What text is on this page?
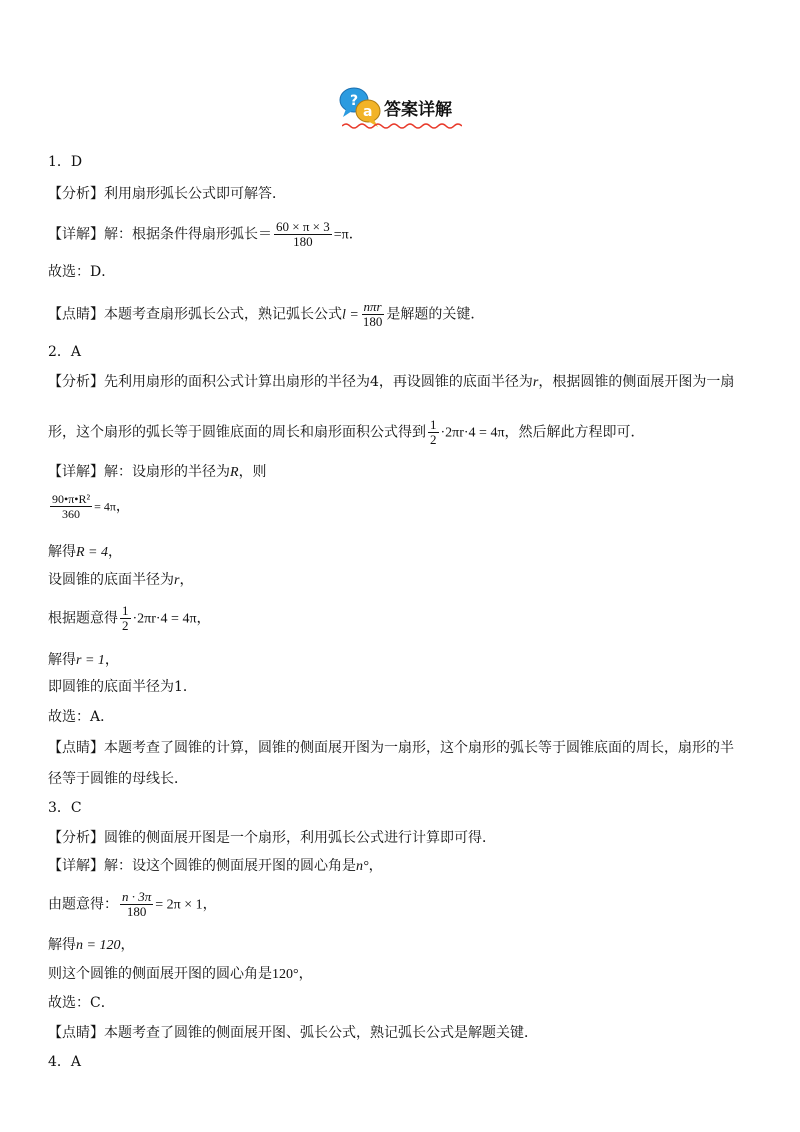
?
a 答案详解
1．D
【分析】利用扇形弧长公式即可解答．
【详解】解：根据条件得扇形弧长＝ $\frac{60 \times \pi \times 3}{180} =\pi$．
故选：D．
【点睛】本题考查扇形弧长公式，熟记弧长公式$l = \frac{\text{nπr}}{180}$ 是解题的关键．
2．A
【分析】先利用扇形的面积公式计算出扇形的半径为4，再设圆锥的底面半径为r，根据圆锥的侧面展开图为一扇
形，这个扇形的弧长等于圆锥底面的周长和扇形面积公式得到 $\frac{1}{2} \cdot 2\pi r\cdot 4 = 4\pi$，然后解此方程即可．
【详解】解：设扇形的半径为R，则
$\frac{\text{90•π•R²}}{360} = 4\pi$，
解得R = 4，
设圆锥的底面半径为r，
根据题意得 $\frac{1}{2} \cdot 2\pi r\cdot 4 = 4\pi$，
解得r = 1，
即圆锥的底面半径为1．
故选：A．
【点睛】本题考查了圆锥的计算，圆锥的侧面展开图为一扇形，这个扇形的弧长等于圆锥底面的周长，扇形的半
径等于圆锥的母线长．
3．C
【分析】圆锥的侧面展开图是一个扇形，利用弧长公式进行计算即可得．
【详解】解：设这个圆锥的侧面展开图的圆心角是n°，
由题意得： $\frac{n \cdot 3\pi}{180} = 2\pi \times 1$，
解得n = 120，
则这个圆锥的侧面展开图的圆心角是120°，
故选：C．
【点睛】本题考查了圆锥的侧面展开图、弧长公式，熟记弧长公式是解题关键．
4．A
